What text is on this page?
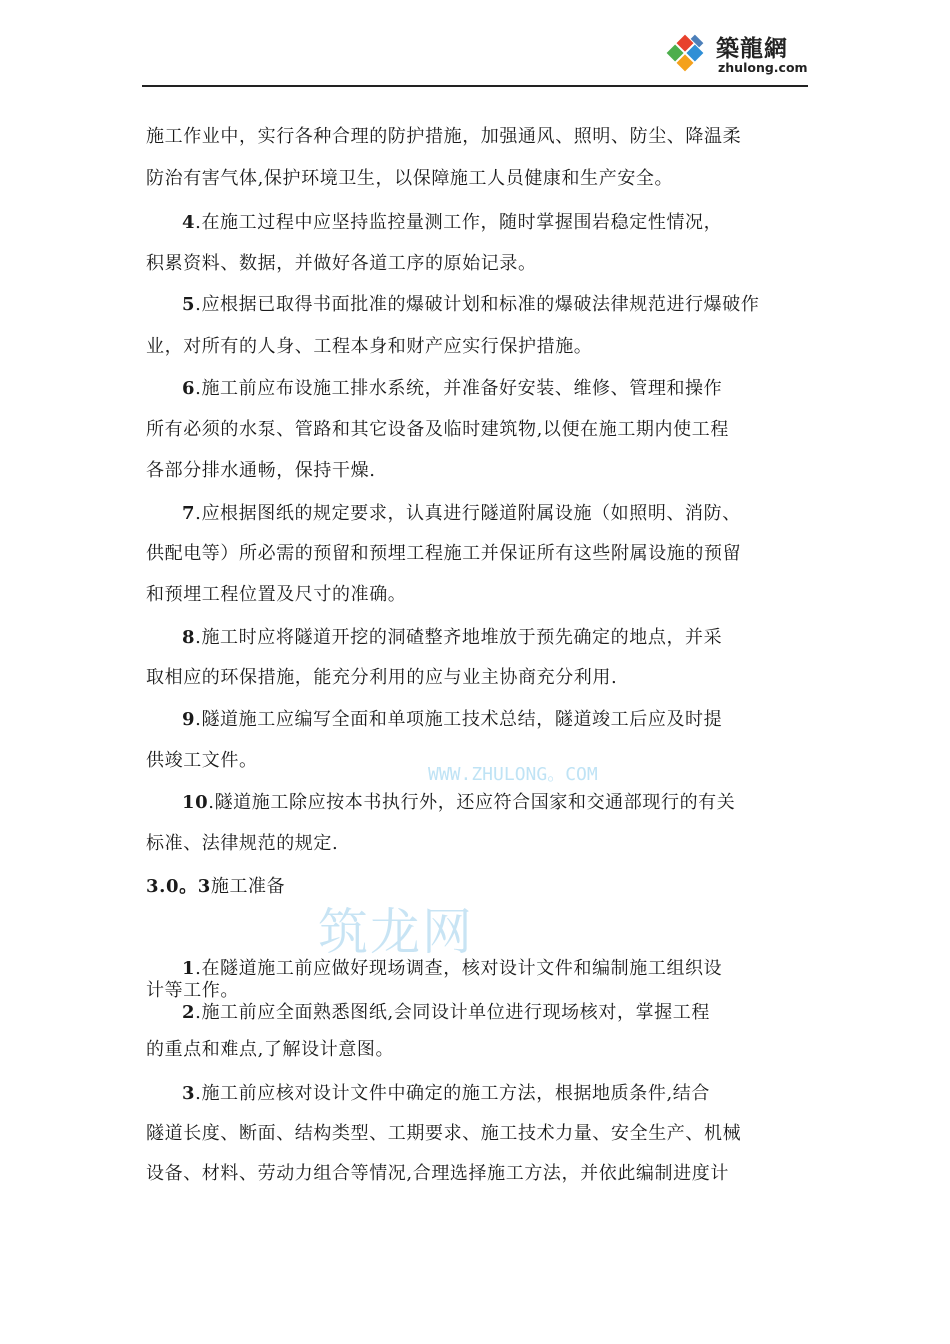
築龍網
zhulong.com
施工作业中，实行各种合理的防护措施，加强通风、照明、防尘、降温柔
防治有害气体,保护环境卫生，以保障施工人员健康和生产安全。
4.在施工过程中应坚持监控量测工作，随时掌握围岩稳定性情况，
积累资料、数据，并做好各道工序的原始记录。
5.应根据已取得书面批准的爆破计划和标准的爆破法律规范进行爆破作
业，对所有的人身、工程本身和财产应实行保护措施。
6.施工前应布设施工排水系统，并准备好安装、维修、管理和操作
所有必须的水泵、管路和其它设备及临时建筑物,以便在施工期内使工程
各部分排水通畅，保持干燥.
7.应根据图纸的规定要求，认真进行隧道附属设施（如照明、消防、
供配电等）所必需的预留和预埋工程施工并保证所有这些附属设施的预留
和预埋工程位置及尺寸的准确。
8.施工时应将隧道开挖的洞碴整齐地堆放于预先确定的地点，并采
取相应的环保措施，能充分利用的应与业主协商充分利用.
9.隧道施工应编写全面和单项施工技术总结，隧道竣工后应及时提
供竣工文件。
WWW.ZHULONG。COM
10.隧道施工除应按本书执行外，还应符合国家和交通部现行的有关
标准、法律规范的规定.
3.0。3施工准备
筑龙网
1.在隧道施工前应做好现场调查，核对设计文件和编制施工组织设
计等工作。
2.施工前应全面熟悉图纸,会同设计单位进行现场核对，掌握工程
的重点和难点,了解设计意图。
3.施工前应核对设计文件中确定的施工方法，根据地质条件,结合
隧道长度、断面、结构类型、工期要求、施工技术力量、安全生产、机械
设备、材料、劳动力组合等情况,合理选择施工方法，并依此编制进度计
